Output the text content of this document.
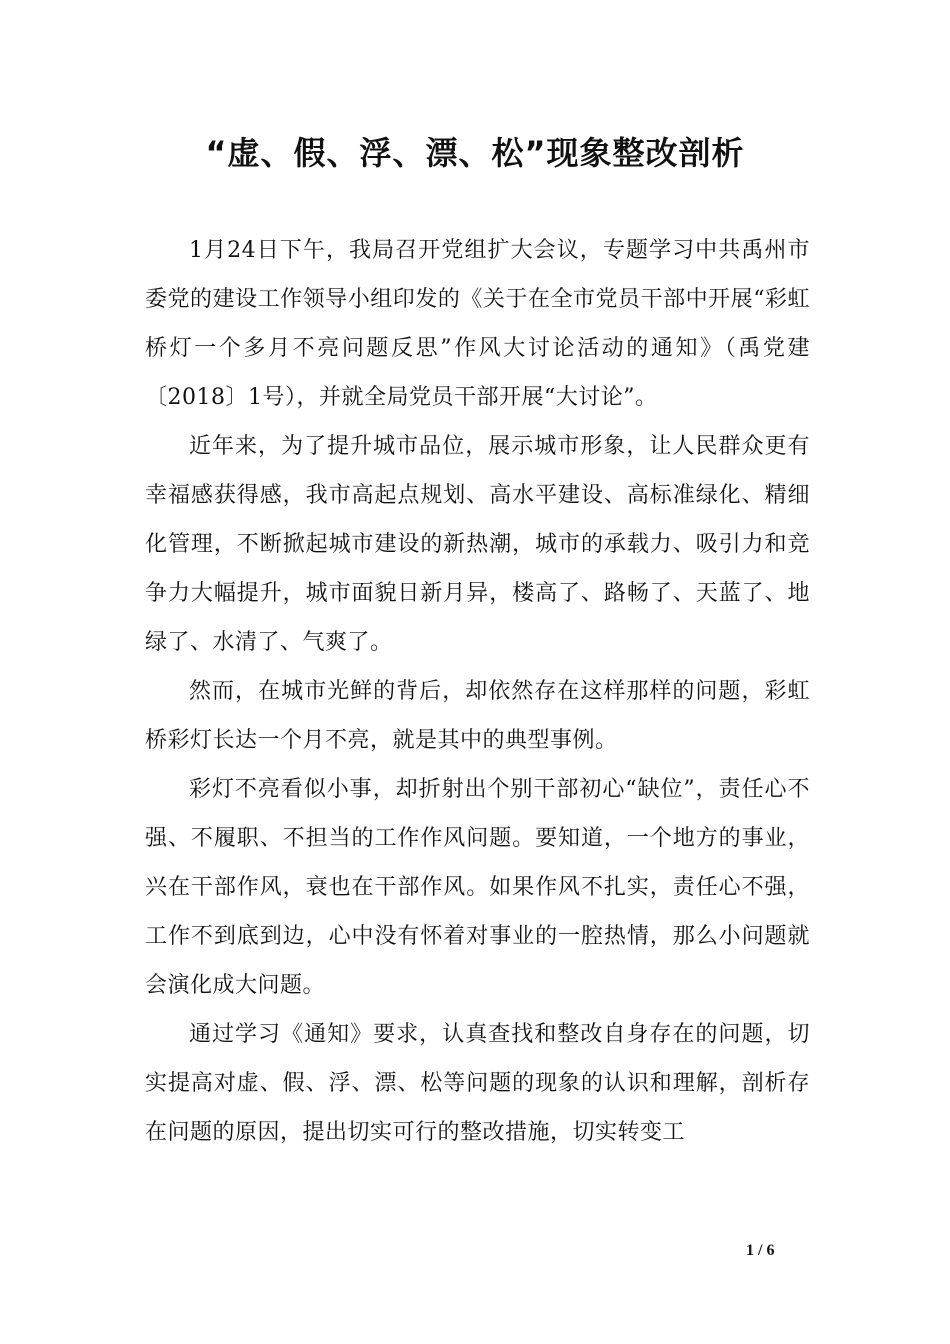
“虚、假、浮、漂、松”现象整改剖析

1月24日下午，我局召开党组扩大会议，专题学习中共禹州市委党的建设工作领导小组印发的《关于在全市党员干部中开展“彩虹桥灯一个多月不亮问题反思”作风大讨论活动的通知》（禹党建〔2018〕1号），并就全局党员干部开展“大讨论”。

近年来，为了提升城市品位，展示城市形象，让人民群众更有幸福感获得感，我市高起点规划、高水平建设、高标准绿化、精细化管理，不断掀起城市建设的新热潮，城市的承载力、吸引力和竞争力大幅提升，城市面貌日新月异，楼高了、路畅了、天蓝了、地绿了、水清了、气爽了。

然而，在城市光鲜的背后，却依然存在这样那样的问题，彩虹桥彩灯长达一个月不亮，就是其中的典型事例。

彩灯不亮看似小事，却折射出个别干部初心“缺位”，责任心不强、不履职、不担当的工作作风问题。要知道，一个地方的事业，兴在干部作风，衰也在干部作风。如果作风不扎实，责任心不强，工作不到底到边，心中没有怀着对事业的一腔热情，那么小问题就会演化成大问题。

通过学习《通知》要求，认真查找和整改自身存在的问题，切实提高对虚、假、浮、漂、松等问题的现象的认识和理解，剖析存在问题的原因，提出切实可行的整改措施，切实转变工

1 / 6
